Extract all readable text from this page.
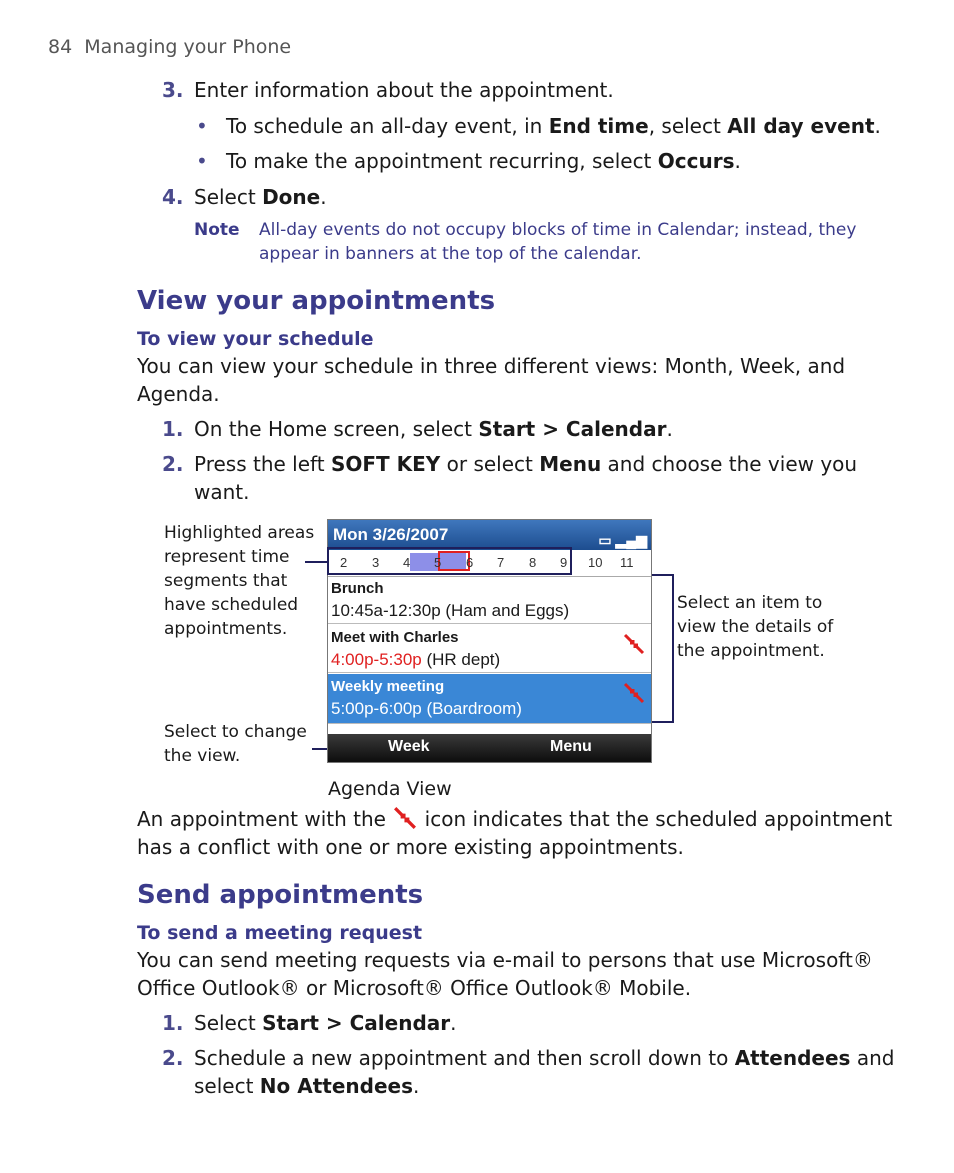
84 Managing your Phone
3. Enter information about the appointment.
• To schedule an all-day event, in End time, select All day event.
• To make the appointment recurring, select Occurs.
4. Select Done.
Note All-day events do not occupy blocks of time in Calendar; instead, they
appear in banners at the top of the calendar.
View your appointments
To view your schedule
You can view your schedule in three different views: Month, Week, and
Agenda.
1. On the Home screen, select Start > Calendar.
2. Press the left SOFT KEY or select Menu and choose the view you
want.
Highlighted areas
represent time
segments that
have scheduled
appointments.
Select to change
the view.
Select an item to
view the details of
the appointment.
Mon 3/26/2007	▭ ▂▄▆
2 3 4 5 6 7 8 9 10 11
Brunch
10:45a-12:30p (Ham and Eggs)
Meet with Charles
4:00p-5:30p (HR dept)
Weekly meeting
5:00p-6:00p (Boardroom)
Week	Menu
Agenda View
An appointment with the  icon indicates that the scheduled appointment
has a conflict with one or more existing appointments.
Send appointments
To send a meeting request
You can send meeting requests via e-mail to persons that use Microsoft®
Office Outlook® or Microsoft® Office Outlook® Mobile.
1. Select Start > Calendar.
2. Schedule a new appointment and then scroll down to Attendees and
select No Attendees.
